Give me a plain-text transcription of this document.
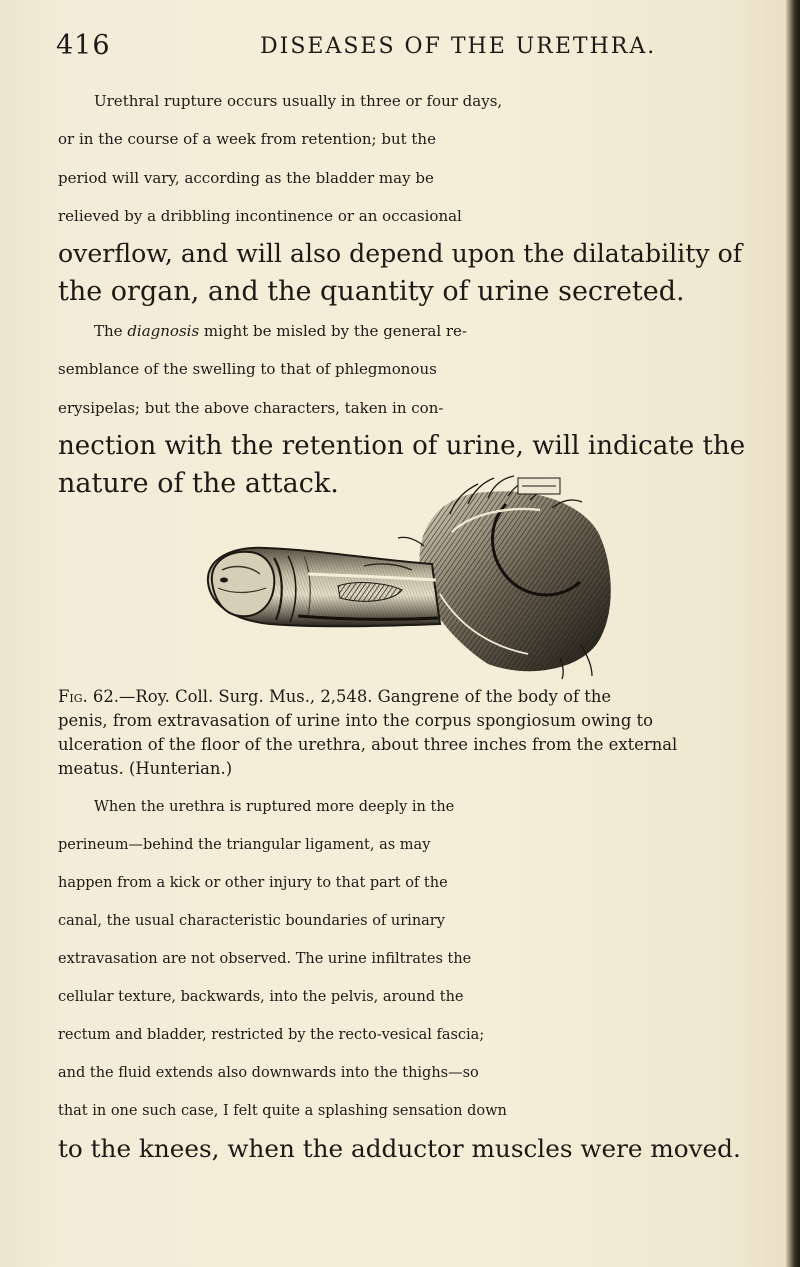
416	DISEASES OF THE URETHRA.
Urethral rupture occurs usually in three or four days,
or in the course of a week from retention; but the
period will vary, according as the bladder may be
relieved by a dribbling incontinence or an occasional
overflow, and will also depend upon the dilatability of
the organ, and the quantity of urine secreted.
The diagnosis might be misled by the general re-
semblance of the swelling to that of phlegmonous
erysipelas; but the above characters, taken in con-
nection with the retention of urine, will indicate the
nature of the attack.
Fig. 62.—Roy. Coll. Surg. Mus., 2,548. Gangrene of the body of the
penis, from extravasation of urine into the corpus spongiosum owing to
ulceration of the floor of the urethra, about three inches from the external
meatus. (Hunterian.)
When the urethra is ruptured more deeply in the
perineum—behind the triangular ligament, as may
happen from a kick or other injury to that part of the
canal, the usual characteristic boundaries of urinary
extravasation are not observed. The urine infiltrates the
cellular texture, backwards, into the pelvis, around the
rectum and bladder, restricted by the recto-vesical fascia;
and the fluid extends also downwards into the thighs—so
that in one such case, I felt quite a splashing sensation down
to the knees, when the adductor muscles were moved.
